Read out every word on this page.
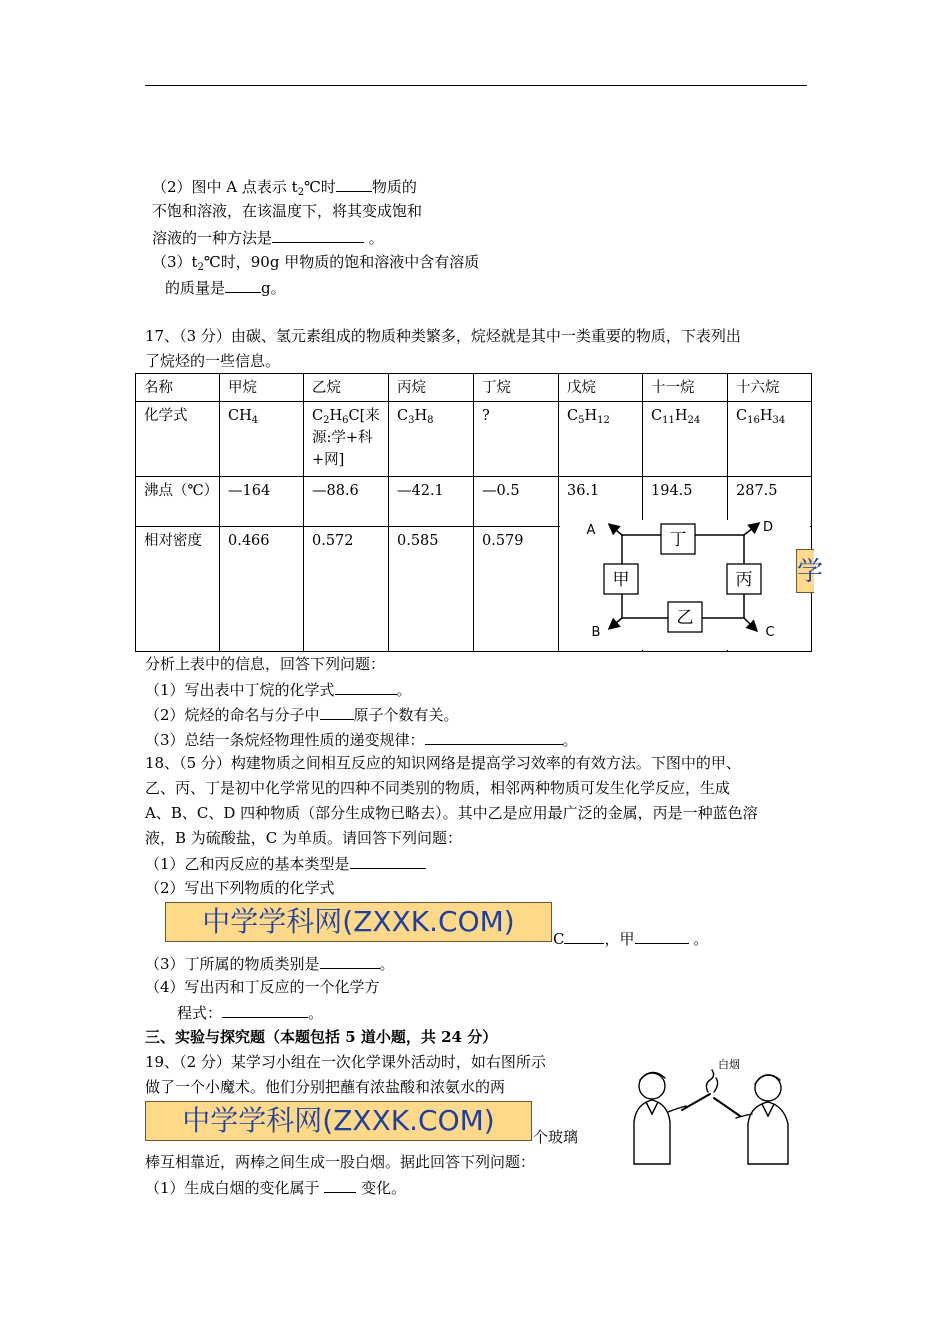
（2）图中 A 点表示 $t_2℃$时 物质的
不饱和溶液，在该温度下，将其变成饱和
溶液的一种方法是	。
$(3)t_2℃$时，90g 甲物质的饱和溶液中含有溶质
的质量是 g。
17、（3 分）由碳、氢元素组成的物质种类繁多，烷烃就是其中一类重要的物质，下表列出
了烷烃的一些信息。
名称	甲烷	乙烷	丙烷	丁烷	戊烷	十一烷	十六烷
化学式	$CH_4$	$C_2H_6C$[来源:学+科+网]	$C_3H_8$	?	$C_5H_{12}$	$C_{11}H_{24}$	$C_{16}H_{34}$
沸点（℃）	—164	—88.6	—42.1	—0.5	36.1	194.5	287.5
相对密度	0.466	0.572	0.585	0.579				丁
甲	丙
乙
A	D
B	C
学
分析上表中的信息，回答下列问题：
（1）写出表中丁烷的化学式	。
（2）烷烃的命名与分子中 原子个数有关。
（3）总结一条烷烃物理性质的递变规律：	。
18、（5 分）构建物质之间相互反应的知识网络是提高学习效率的有效方法。下图中的甲、
乙、丙、丁是初中化学常见的四种不同类别的物质，相邻两种物质可发生化学反应，生成
A、B、C、D 四种物质（部分生成物已略去）。其中乙是应用最广泛的金属，丙是一种蓝色溶
液，B 为硫酸盐，C 为单质。请回答下列问题：
（1）乙和丙反应的基本类型是
（2）写出下列物质的化学式
中学学科网(ZXXK.COM)
C	，甲	。
（3）丁所属的物质类别是	。
（4）写出丙和丁反应的一个化学方
程式：	。
三、实验与探究题（本题包括 5 道小题，共 24 分）
19、（2 分）某学习小组在一次化学课外活动时，如右图所示
做了一个小魔术。他们分别把蘸有浓盐酸和浓氨水的两
中学学科网(ZXXK.COM)	个玻璃
棒互相靠近，两棒之间生成一股白烟。据此回答下列问题：
（1）生成白烟的变化属于	变化。
白烟
